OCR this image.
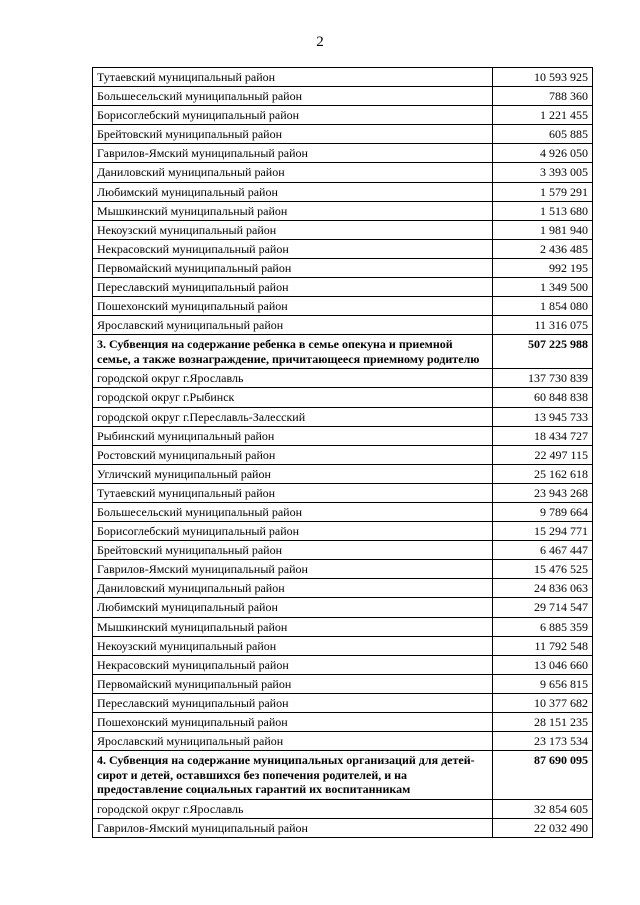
2
Тутаевский муниципальный район	10 593 925
Большесельский муниципальный район	788 360
Борисоглебский муниципальный район	1 221 455
Брейтовский муниципальный район	605 885
Гаврилов-Ямский муниципальный район	4 926 050
Даниловский муниципальный район	3 393 005
Любимский муниципальный район	1 579 291
Мышкинский муниципальный район	1 513 680
Некоузский муниципальный район	1 981 940
Некрасовский муниципальный район	2 436 485
Первомайский муниципальный район	992 195
Переславский муниципальный район	1 349 500
Пошехонский муниципальный район	1 854 080
Ярославский муниципальный район	11 316 075
3. Субвенция на содержание ребенка в семье опекуна и приемной семье, а также вознаграждение, причитающееся приемному родителю	507 225 988
городской округ г.Ярославль	137 730 839
городской округ г.Рыбинск	60 848 838
городской округ г.Переславль-Залесский	13 945 733
Рыбинский муниципальный район	18 434 727
Ростовский муниципальный район	22 497 115
Угличский муниципальный район	25 162 618
Тутаевский муниципальный район	23 943 268
Большесельский муниципальный район	9 789 664
Борисоглебский муниципальный район	15 294 771
Брейтовский муниципальный район	6 467 447
Гаврилов-Ямский муниципальный район	15 476 525
Даниловский муниципальный район	24 836 063
Любимский муниципальный район	29 714 547
Мышкинский муниципальный район	6 885 359
Некоузский муниципальный район	11 792 548
Некрасовский муниципальный район	13 046 660
Первомайский муниципальный район	9 656 815
Переславский муниципальный район	10 377 682
Пошехонский муниципальный район	28 151 235
Ярославский муниципальный район	23 173 534
4. Субвенция на содержание муниципальных организаций для детей-сирот и детей, оставшихся без попечения родителей, и на предоставление социальных гарантий их воспитанникам	87 690 095
городской округ г.Ярославль	32 854 605
Гаврилов-Ямский муниципальный район	22 032 490
